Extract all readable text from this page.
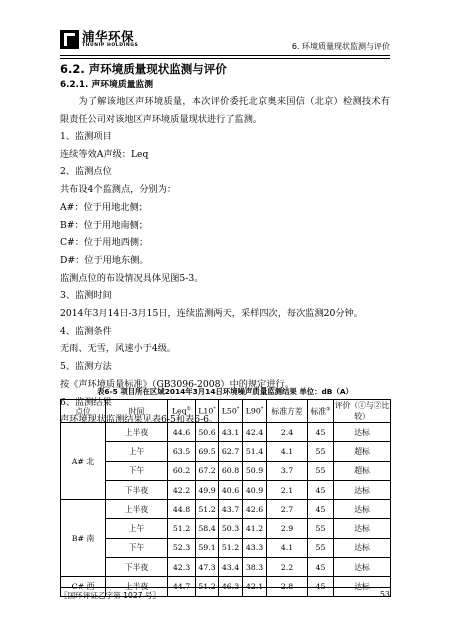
浦华环保
THUNIP HOLDINGS	6. 环境质量现状监测与评价

6.2. 声环境质量现状监测与评价

6.2.1. 声环境质量监测

为了解该地区声环境质量，本次评价委托北京奥来国信（北京）检测技术有限责任公司对该地区声环境质量现状进行了监测。

1、监测项目

连续等效A声级：Leq

2、监测点位

共布设4个监测点，分别为：

A#：位于用地北侧；

B#：位于用地南侧；

C#：位于用地西侧；

D#：位于用地东侧。

监测点位的布设情况具体见图5-3。

3、监测时间

2014年3月14日-3月15日，连续监测两天，采样四次，每次监测20分钟。

4、监测条件

无雨、无雪，风速小于4级。

5、监测方法

按《声环境质量标准》（GB3096-2008）中的规定进行。

6、监测结果

声环境现状监测结果见表6-5和表6-6。

表6-5 项目所在区域2014年3月14日环境噪声质量监测结果 单位：dB（A）
点位	时间	Leq①	L10*	L50*	L90*	标准方差	标准②	评价（①与②比较）
A# 北	上半夜	44.6	50.6	43.1	42.4	2.4	45	达标
	上午	63.5	69.5	62.7	51.4	4.1	55	超标
	下午	60.2	67.2	60.8	50.9	3.7	55	超标
	下半夜	42.2	49.9	40.6	40.9	2.1	45	达标
B# 南	上半夜	44.8	51.2	43.7	42.6	2.7	45	达标
	上午	51.2	58.4	50.3	41.2	2.9	55	达标
	下午	52.3	59.1	51.2	43.3	4.1	55	达标
	下半夜	42.3	47.3	43.4	38.3	2.2	45	达标
C# 西	上半夜	44.7	51.2	46.3	42.1	2.8	45	达标
〖国环评证乙字第 1027 号〗	53
